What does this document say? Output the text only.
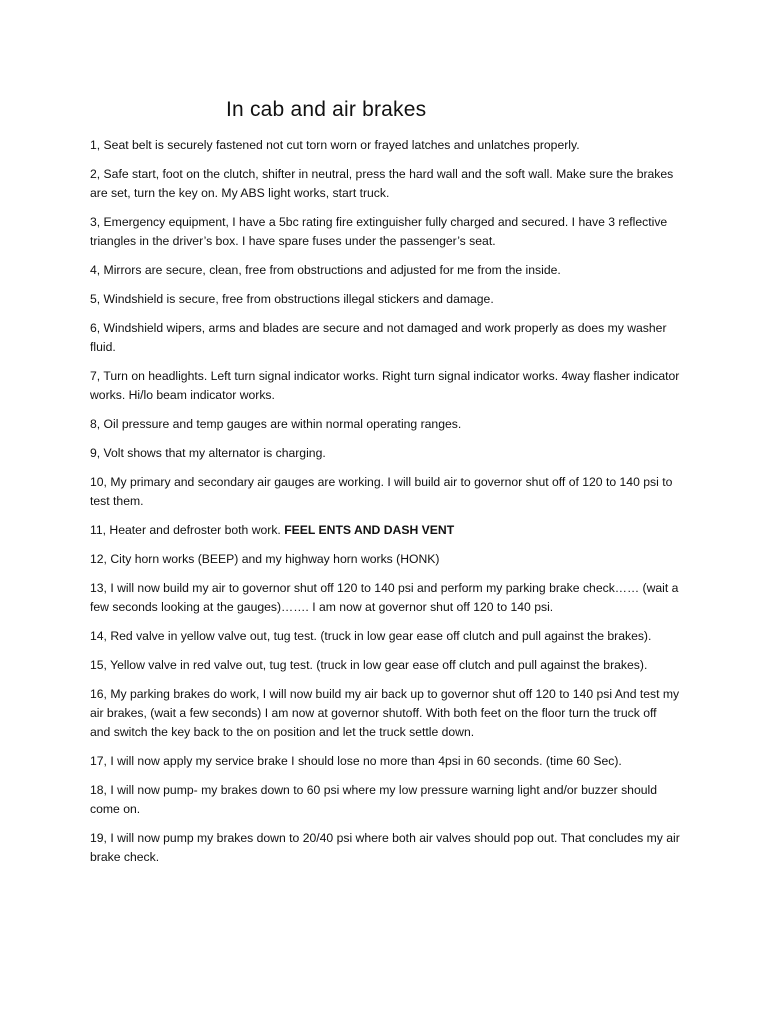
In cab and air brakes

1, Seat belt is securely fastened not cut torn worn or frayed latches and unlatches properly.

2, Safe start, foot on the clutch, shifter in neutral, press the hard wall and the soft wall. Make sure the brakes are set, turn the key on. My ABS light works, start truck.

3, Emergency equipment, I have a 5bc rating fire extinguisher fully charged and secured. I have 3 reflective triangles in the driver’s box. I have spare fuses under the passenger’s seat.

4, Mirrors are secure, clean, free from obstructions and adjusted for me from the inside.

5, Windshield is secure, free from obstructions illegal stickers and damage.

6, Windshield wipers, arms and blades are secure and not damaged and work properly as does my washer fluid.

7, Turn on headlights. Left turn signal indicator works. Right turn signal indicator works. 4way flasher indicator works. Hi/lo beam indicator works.

8, Oil pressure and temp gauges are within normal operating ranges.

9, Volt shows that my alternator is charging.

10, My primary and secondary air gauges are working. I will build air to governor shut off of 120 to 140 psi to test them.

11, Heater and defroster both work. FEEL ENTS AND DASH VENT

12, City horn works (BEEP) and my highway horn works (HONK)

13, I will now build my air to governor shut off 120 to 140 psi and perform my parking brake check…… (wait a few seconds looking at the gauges)……. I am now at governor shut off 120 to 140 psi.

14, Red valve in yellow valve out, tug test. (truck in low gear ease off clutch and pull against the brakes).

15, Yellow valve in red valve out, tug test. (truck in low gear ease off clutch and pull against the brakes).

16, My parking brakes do work, I will now build my air back up to governor shut off 120 to 140 psi And test my air brakes, (wait a few seconds) I am now at governor shutoff. With both feet on the floor turn the truck off and switch the key back to the on position and let the truck settle down.

17, I will now apply my service brake I should lose no more than 4psi in 60 seconds. (time 60 Sec).

18, I will now pump- my brakes down to 60 psi where my low pressure warning light and/or buzzer should come on.

19, I will now pump my brakes down to 20/40 psi where both air valves should pop out. That concludes my air brake check.
